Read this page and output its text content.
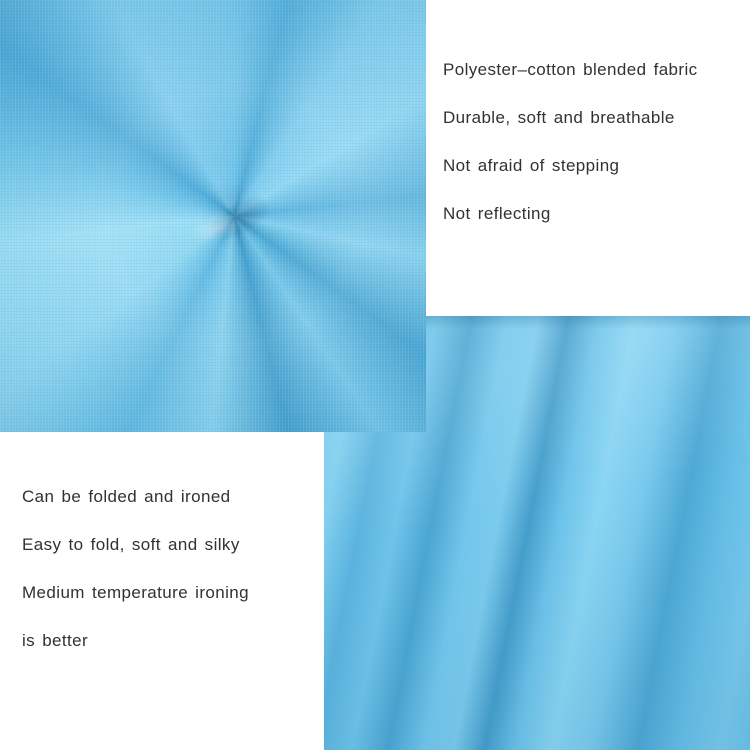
Polyester–cotton blended fabric
Durable, soft and breathable
Not afraid of stepping
Not reflecting
Can be folded and ironed
Easy to fold, soft and silky
Medium temperature ironing
is better
